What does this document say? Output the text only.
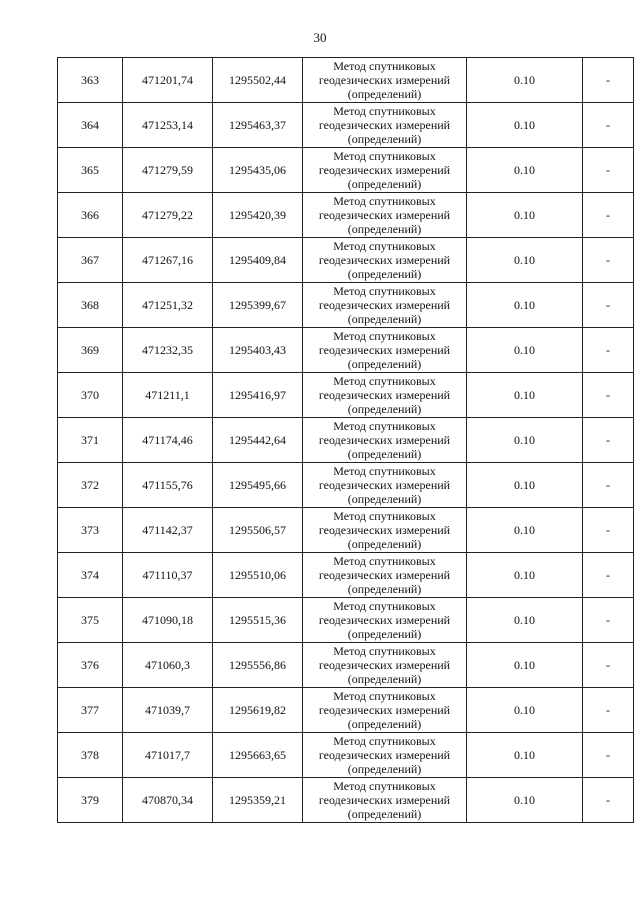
30
363	471201,74	1295502,44	Метод спутниковых
геодезических измерений
(определений)	0.10	-
364	471253,14	1295463,37	Метод спутниковых
геодезических измерений
(определений)	0.10	-
365	471279,59	1295435,06	Метод спутниковых
геодезических измерений
(определений)	0.10	-
366	471279,22	1295420,39	Метод спутниковых
геодезических измерений
(определений)	0.10	-
367	471267,16	1295409,84	Метод спутниковых
геодезических измерений
(определений)	0.10	-
368	471251,32	1295399,67	Метод спутниковых
геодезических измерений
(определений)	0.10	-
369	471232,35	1295403,43	Метод спутниковых
геодезических измерений
(определений)	0.10	-
370	471211,1	1295416,97	Метод спутниковых
геодезических измерений
(определений)	0.10	-
371	471174,46	1295442,64	Метод спутниковых
геодезических измерений
(определений)	0.10	-
372	471155,76	1295495,66	Метод спутниковых
геодезических измерений
(определений)	0.10	-
373	471142,37	1295506,57	Метод спутниковых
геодезических измерений
(определений)	0.10	-
374	471110,37	1295510,06	Метод спутниковых
геодезических измерений
(определений)	0.10	-
375	471090,18	1295515,36	Метод спутниковых
геодезических измерений
(определений)	0.10	-
376	471060,3	1295556,86	Метод спутниковых
геодезических измерений
(определений)	0.10	-
377	471039,7	1295619,82	Метод спутниковых
геодезических измерений
(определений)	0.10	-
378	471017,7	1295663,65	Метод спутниковых
геодезических измерений
(определений)	0.10	-
379	470870,34	1295359,21	Метод спутниковых
геодезических измерений
(определений)	0.10	-
